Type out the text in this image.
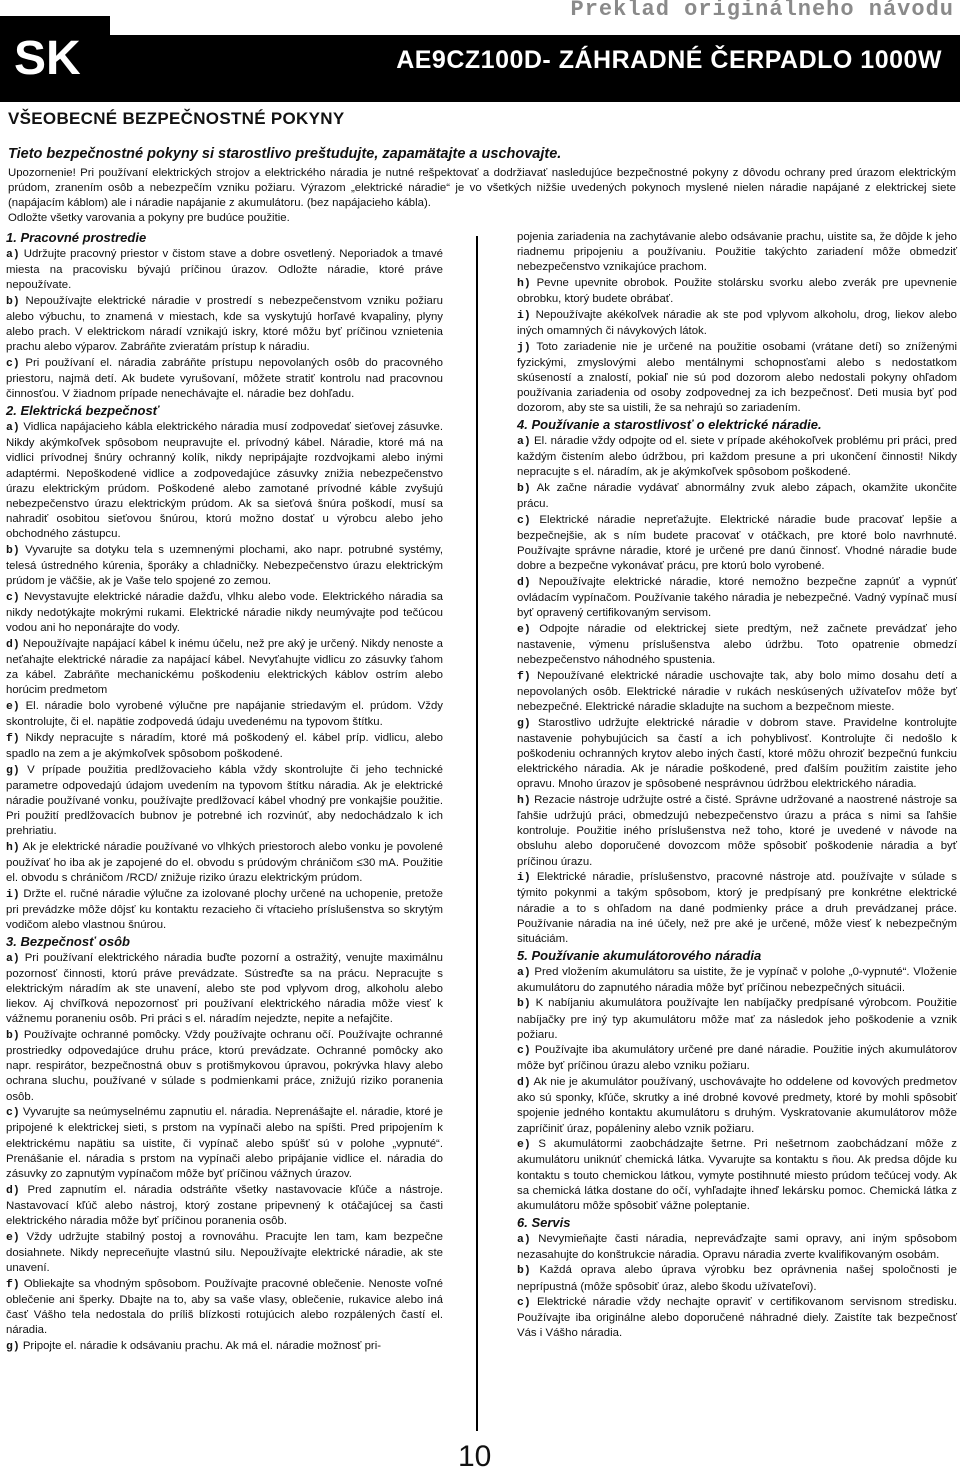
Preklad originálneho návodu
SK	AE9CZ100D- ZÁHRADNÉ ČERPADLO 1000W
VŠEOBECNÉ BEZPEČNOSTNÉ POKYNY
Tieto bezpečnostné pokyny si starostlivo preštudujte, zapamätajte a uschovajte.

Upozornenie! Pri používaní elektrických strojov a elektrického náradia je nutné rešpektovať a dodržiavať nasledujúce bezpečnostné pokyny z dôvodu ochrany pred úrazom elektrickým prúdom, zranením osôb a nebezpečím vzniku požiaru. Výrazom „elektrické náradie“ je vo všetkých nižšie uvedených pokynoch myslené nielen náradie napájané z elektrickej siete (napájacím káblom) ale i náradie napájanie z akumulátoru. (bez napájacieho kábla).

Odložte všetky varovania a pokyny pre budúce použitie.

1. Pracovné prostredie

a) Udržujte pracovný priestor v čistom stave a dobre osvetlený. Neporiadok a tmavé miesta na pracovisku bývajú príčinou úrazov. Odložte náradie, ktoré práve nepoužívate.

b) Nepoužívajte elektrické náradie v prostredí s nebezpečenstvom vzniku požiaru alebo výbuchu, to znamená v miestach, kde sa vyskytujú horľavé kvapaliny, plyny alebo prach. V elektrickom náradí vznikajú iskry, ktoré môžu byť príčinou vznietenia prachu alebo výparov. Zabráňte zvieratám prístup k náradiu.

c) Pri používaní el. náradia zabráňte prístupu nepovolaných osôb do pracovného priestoru, najmä detí. Ak budete vyrušovaní, môžete stratiť kontrolu nad pracovnou činnosťou. V žiadnom prípade nenechávajte el. náradie bez dohľadu.

2. Elektrická bezpečnosť

a) Vidlica napájacieho kábla elektrického náradia musí zodpovedať sieťovej zásuvke. Nikdy akýmkoľvek spôsobom neupravujte el. prívodný kábel. Náradie, ktoré má na vidlici prívodnej šnúry ochranný kolík, nikdy nepripájajte rozdvojkami alebo inými adaptérmi. Nepoškodené vidlice a zodpovedajúce zásuvky znižia nebezpečenstvo úrazu elektrickým prúdom. Poškodené alebo zamotané prívodné káble zvyšujú nebezpečenstvo úrazu elektrickým prúdom. Ak sa sieťová šnúra poškodí, musí sa nahradiť osobitou sieťovou šnúrou, ktorú možno dostať u výrobcu alebo jeho obchodného zástupcu.

b) Vyvarujte sa dotyku tela s uzemnenými plochami, ako napr. potrubné systémy, telesá ústredného kúrenia, šporáky a chladničky. Nebezpečenstvo úrazu elektrickým prúdom je väčšie, ak je Vaše telo spojené zo zemou.

c) Nevystavujte elektrické náradie dažďu, vlhku alebo vode. Elektrického náradia sa nikdy nedotýkajte mokrými rukami. Elektrické náradie nikdy neumývajte pod tečúcou vodou ani ho neponárajte do vody.

d) Nepoužívajte napájací kábel k inému účelu, než pre aký je určený. Nikdy nenoste a neťahajte elektrické náradie za napájací kábel. Nevyťahujte vidlicu zo zásuvky ťahom za kábel. Zabráňte mechanickému poškodeniu elektrických káblov ostrím alebo horúcim predmetom

e) El. náradie bolo vyrobené výlučne pre napájanie striedavým el. prúdom. Vždy skontrolujte, či el. napätie zodpovedá údaju uvedenému na typovom štítku.

f) Nikdy nepracujte s náradím, ktoré má poškodený el. kábel príp. vidlicu, alebo spadlo na zem a je akýmkoľvek spôsobom poškodené.

g) V prípade použitia predlžovacieho kábla vždy skontrolujte či jeho technické parametre odpovedajú údajom uvedením na typovom štítku náradia. Ak je elektrické náradie používané vonku, používajte predlžovací kábel vhodný pre vonkajšie použitie. Pri použití predlžovacích bubnov je potrebné ich rozvinúť, aby nedochádzalo k ich prehriatiu.

h) Ak je elektrické náradie používané vo vlhkých priestoroch alebo vonku je povolené používať ho iba ak je zapojené do el. obvodu s prúdovým chráničom ≤30 mA. Použitie el. obvodu s chráničom /RCD/ znižuje riziko úrazu elektrickým prúdom.

i) Držte el. ručné náradie výlučne za izolované plochy určené na uchopenie, pretože pri prevádzke môže dôjsť ku kontaktu rezacieho či vŕtacieho príslušenstva so skrytým vodičom alebo vlastnou šnúrou.

3. Bezpečnosť osôb

a) Pri používaní elektrického náradia buďte pozorní a ostražitý, venujte maximálnu pozornosť činnosti, ktorú práve prevádzate. Sústreďte sa na prácu. Nepracujte s elektrickým náradím ak ste unavení, alebo ste pod vplyvom drog, alkoholu alebo liekov. Aj chvíľková nepozornosť pri používaní elektrického náradia môže viesť k vážnemu poraneniu osôb. Pri práci s el. náradím nejedzte, nepite a nefajčite.

b) Používajte ochranné pomôcky. Vždy používajte ochranu očí. Používajte ochranné prostriedky odpovedajúce druhu práce, ktorú prevádzate. Ochranné pomôcky ako napr. respirátor, bezpečnostná obuv s protišmykovou úpravou, pokrývka hlavy alebo ochrana sluchu, používané v súlade s podmienkami práce, znižujú riziko poranenia osôb.

c) Vyvarujte sa neúmyselnému zapnutiu el. náradia. Neprenášajte el. náradie, ktoré je pripojené k elektrickej sieti, s prstom na vypínači alebo na spíšti. Pred pripojením k elektrickému napätiu sa uistite, či vypínač alebo spúšť sú v polohe „vypnuté“. Prenášanie el. náradia s prstom na vypínači alebo pripájanie vidlice el. náradia do zásuvky zo zapnutým vypínačom môže byť príčinou vážnych úrazov.

d) Pred zapnutím el. náradia odstráňte všetky nastavovacie kľúče a nástroje. Nastavovací kľúč alebo nástroj, ktorý zostane pripevnený k otáčajúcej sa časti elektrického náradia môže byť príčinou poranenia osôb.

e) Vždy udržujte stabilný postoj a rovnováhu. Pracujte len tam, kam bezpečne dosiahnete. Nikdy nepreceňujte vlastnú silu. Nepoužívajte elektrické náradie, ak ste unavení.

f) Obliekajte sa vhodným spôsobom. Používajte pracovné oblečenie. Nenoste voľné oblečenie ani šperky. Dbajte na to, aby sa vaše vlasy, oblečenie, rukavice alebo iná časť Vášho tela nedostala do príliš blízkosti rotujúcich alebo rozpálených častí el. náradia.

g) Pripojte el. náradie k odsávaniu prachu. Ak má el. náradie možnosť pri-

pojenia zariadenia na zachytávanie alebo odsávanie prachu, uistite sa, že dôjde k jeho riadnemu pripojeniu a používaniu. Použitie takýchto zariadení môže obmedziť nebezpečenstvo vznikajúce prachom.

h) Pevne upevnite obrobok. Použite stolársku svorku alebo zverák pre upevnenie obrobku, ktorý budete obrábať.

i) Nepoužívajte akékoľvek náradie ak ste pod vplyvom alkoholu, drog, liekov alebo iných omamných či návykových látok.

j) Toto zariadenie nie je určené na použitie osobami (vrátane detí) so zníženými fyzickými, zmyslovými alebo mentálnymi schopnosťami alebo s nedostatkom skúseností a znalostí, pokiaľ nie sú pod dozorom alebo nedostali pokyny ohľadom používania zariadenia od osoby zodpovednej za ich bezpečnosť. Deti musia byť pod dozorom, aby ste sa uistili, že sa nehrajú so zariadením.

4. Používanie a starostlivosť o elektrické náradie.

a) El. náradie vždy odpojte od el. siete v prípade akéhokoľvek problému pri práci, pred každým čistením alebo údržbou, pri každom presune a pri ukončení činnosti! Nikdy nepracujte s el. náradím, ak je akýmkoľvek spôsobom poškodené.

b) Ak začne náradie vydávať abnormálny zvuk alebo zápach, okamžite ukončite prácu.

c) Elektrické náradie nepreťažujte. Elektrické náradie bude pracovať lepšie a bezpečnejšie, ak s ním budete pracovať v otáčkach, pre ktoré bolo navrhnuté. Používajte správne náradie, ktoré je určené pre danú činnosť. Vhodné náradie bude dobre a bezpečne vykonávať prácu, pre ktorú bolo vyrobené.

d) Nepoužívajte elektrické náradie, ktoré nemožno bezpečne zapnúť a vypnúť ovládacím vypínačom. Používanie takého náradia je nebezpečné. Vadný vypínač musí byť opravený certifikovaným servisom.

e) Odpojte náradie od elektrickej siete predtým, než začnete prevádzať jeho nastavenie, výmenu príslušenstva alebo údržbu. Toto opatrenie obmedzí nebezpečenstvo náhodného spustenia.

f) Nepoužívané elektrické náradie uschovajte tak, aby bolo mimo dosahu detí a nepovolaných osôb. Elektrické náradie v rukách neskúsených užívateľov môže byť nebezpečné. Elektrické náradie skladujte na suchom a bezpečnom mieste.

g) Starostlivo udržujte elektrické náradie v dobrom stave. Pravidelne kontrolujte nastavenie pohybujúcich sa častí a ich pohyblivosť. Kontrolujte či nedošlo k poškodeniu ochranných krytov alebo iných častí, ktoré môžu ohroziť bezpečnú funkciu elektrického náradia. Ak je náradie poškodené, pred ďalším použitím zaistite jeho opravu. Mnoho úrazov je spôsobené nesprávnou údržbou elektrického náradia.

h) Rezacie nástroje udržujte ostré a čisté. Správne udržované a naostrené nástroje sa ľahšie udržujú práci, obmedzujú nebezpečenstvo úrazu a práca s nimi sa ľahšie kontroluje. Použitie iného príslušenstva než toho, ktoré je uvedené v návode na obsluhu alebo doporučené dovozcom môže spôsobiť poškodenie náradia a byť príčinou úrazu.

i) Elektrické náradie, príslušenstvo, pracovné nástroje atd. používajte v súlade s týmito pokynmi a takým spôsobom, ktorý je predpísaný pre konkrétne elektrické náradie a to s ohľadom na dané podmienky práce a druh prevádzanej práce. Používanie náradia na iné účely, než pre aké je určené, môže viesť k nebezpečným situáciám.

5. Používanie akumulátorového náradia

a) Pred vložením akumulátoru sa uistite, že je vypínač v polohe „0-vypnuté“. Vloženie akumulátoru do zapnutého náradia môže byť príčinou nebezpečných situácii.

b) K nabíjaniu akumulátora používajte len nabíjačky predpísané výrobcom. Použitie nabíjačky pre iný typ akumulátoru môže mať za následok jeho poškodenie a vznik požiaru.

c) Používajte iba akumulátory určené pre dané náradie. Použitie iných akumulátorov môže byť príčinou úrazu alebo vzniku požiaru.

d) Ak nie je akumulátor používaný, uschovávajte ho oddelene od kovových predmetov ako sú sponky, kľúče, skrutky a iné drobné kovové predmety, ktoré by mohli spôsobiť spojenie jedného kontaktu akumulátoru s druhým. Vyskratovanie akumulátorov môže zapríčiniť úraz, popáleniny alebo vznik požiaru.

e) S akumulátormi zaobchádzajte šetrne. Pri nešetrnom zaobchádzaní môže z akumulátoru uniknúť chemická látka. Vyvarujte sa kontaktu s ňou. Ak predsa dôjde ku kontaktu s touto chemickou látkou, vymyte postihnuté miesto prúdom tečúcej vody. Ak sa chemická látka dostane do očí, vyhľadajte ihneď lekársku pomoc. Chemická látka z akumulátoru môže spôsobiť vážne poleptanie.

6. Servis

a) Nevymieňajte časti náradia, nepreváďzajte sami opravy, ani iným spôsobom nezasahujte do konštrukcie náradia. Opravu náradia zverte kvalifikovaným osobám.

b) Každá oprava alebo úprava výrobku bez oprávnenia našej spoločnosti je neprípustná (môže spôsobiť úraz, alebo škodu užívateľovi).

c) Elektrické náradie vždy nechajte opraviť v certifikovanom servisnom stredisku. Používajte iba originálne alebo doporučené náhradné diely. Zaistíte tak bezpečnosť Vás i Vášho náradia.

10
